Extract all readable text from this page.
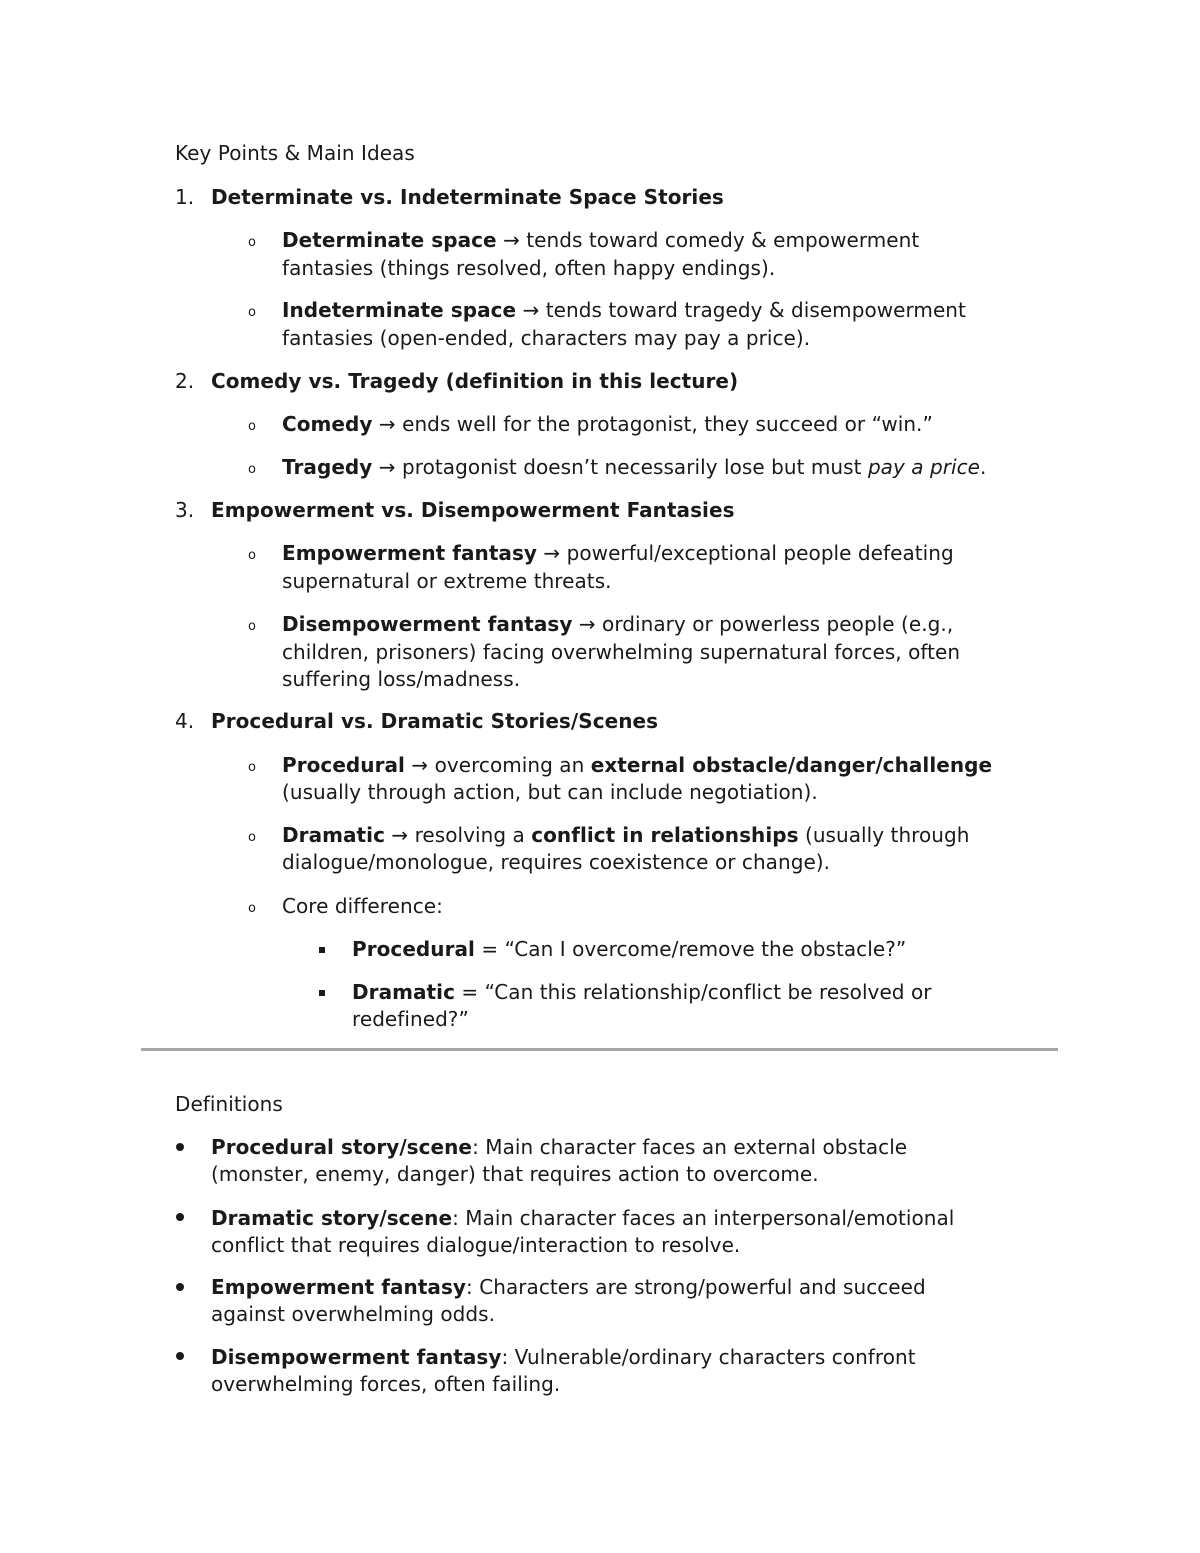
Key Points & Main Ideas
1. Determinate vs. Indeterminate Space Stories
o Determinate space → tends toward comedy & empowerment
fantasies (things resolved, often happy endings).
o Indeterminate space → tends toward tragedy & disempowerment
fantasies (open-ended, characters may pay a price).
2. Comedy vs. Tragedy (definition in this lecture)
o Comedy → ends well for the protagonist, they succeed or “win.”
o Tragedy → protagonist doesn’t necessarily lose but must pay a price.
3. Empowerment vs. Disempowerment Fantasies
o Empowerment fantasy → powerful/exceptional people defeating
supernatural or extreme threats.
o Disempowerment fantasy → ordinary or powerless people (e.g.,
children, prisoners) facing overwhelming supernatural forces, often
suffering loss/madness.
4. Procedural vs. Dramatic Stories/Scenes
o Procedural → overcoming an external obstacle/danger/challenge
(usually through action, but can include negotiation).
o Dramatic → resolving a conflict in relationships (usually through
dialogue/monologue, requires coexistence or change).
o Core difference:
Procedural = “Can I overcome/remove the obstacle?”
Dramatic = “Can this relationship/conflict be resolved or
redefined?”
Definitions
Procedural story/scene: Main character faces an external obstacle
(monster, enemy, danger) that requires action to overcome.
Dramatic story/scene: Main character faces an interpersonal/emotional
conflict that requires dialogue/interaction to resolve.
Empowerment fantasy: Characters are strong/powerful and succeed
against overwhelming odds.
Disempowerment fantasy: Vulnerable/ordinary characters confront
overwhelming forces, often failing.
